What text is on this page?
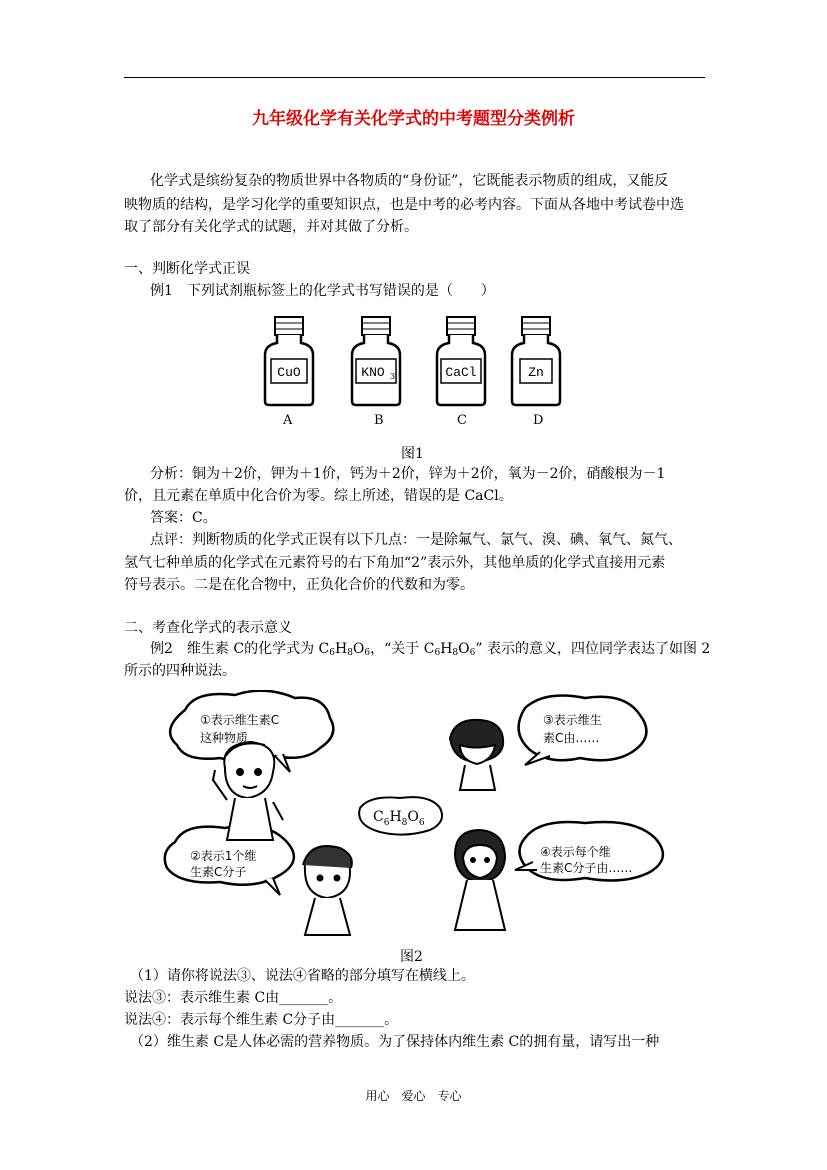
九年级化学有关化学式的中考题型分类例析
化学式是缤纷复杂的物质世界中各物质的“身份证”，它既能表示物质的组成，又能反
映物质的结构，是学习化学的重要知识点，也是中考的必考内容。下面从各地中考试卷中选
取了部分有关化学式的试题，并对其做了分析。
一、判断化学式正误
例1　下列试剂瓶标签上的化学式书写错误的是（　　）
CuO	KNO 3	CaCl	Zn
A	B	C	D
图1
分析：铜为＋2价，钾为＋1价，钙为＋2价，锌为＋2价，氧为－2价，硝酸根为－1
价，且元素在单质中化合价为零。综上所述，错误的是 CaCl。
答案：C。
点评：判断物质的化学式正误有以下几点：一是除氟气、氯气、溴、碘、氧气、氮气、
氢气七种单质的化学式在元素符号的右下角加“2”表示外，其他单质的化学式直接用元素
符号表示。二是在化合物中，正负化合价的代数和为零。
二、考查化学式的表示意义
例2　维生素 C的化学式为 $C_6H_8O_6$，“关于 $C_6H_8O_6$” 表示的意义，四位同学表达了如图 2
所示的四种说法。
①表示维生素C
这种物质
③表示维生
素C由……
$C_6H_8O_6$
②表示1个维
生素C分子
④表示每个维
生素C分子由……
图2
（1）请你将说法③、说法④省略的部分填写在横线上。
说法③：表示维生素 C由_______。
说法④：表示每个维生素 C分子由_______。
（2）维生素 C是人体必需的营养物质。为了保持体内维生素 C的拥有量，请写出一种
用心　爱心　专心
